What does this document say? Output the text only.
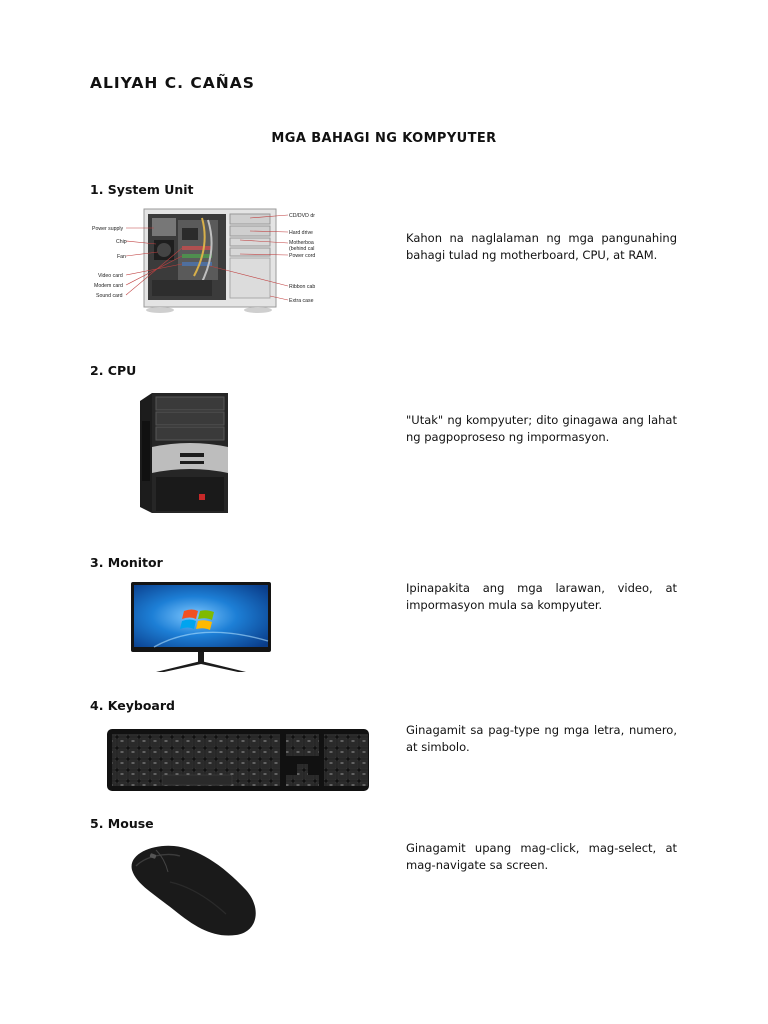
ALIYAH C. CAÑAS
MGA BAHAGI NG KOMPYUTER
1. System Unit
Power supply
Chip
Fan
Video card
Modem card
Sound card
CD/DVD dr
Hard drive
Motherboa
(behind cal
Power cord
Ribbon cab
Extra case

Kahon na naglalaman ng mga pangunahing bahagi tulad ng motherboard, CPU, at RAM.

2. CPU

"Utak" ng kompyuter; dito ginagawa ang lahat ng pagpoproseso ng impormasyon.

3. Monitor

Ipinapakita ang mga larawan, video, at impormasyon mula sa kompyuter.

4. Keyboard

Ginagamit sa pag-type ng mga letra, numero, at simbolo.

5. Mouse

Ginagamit upang mag-click, mag-select, at mag-navigate sa screen.
